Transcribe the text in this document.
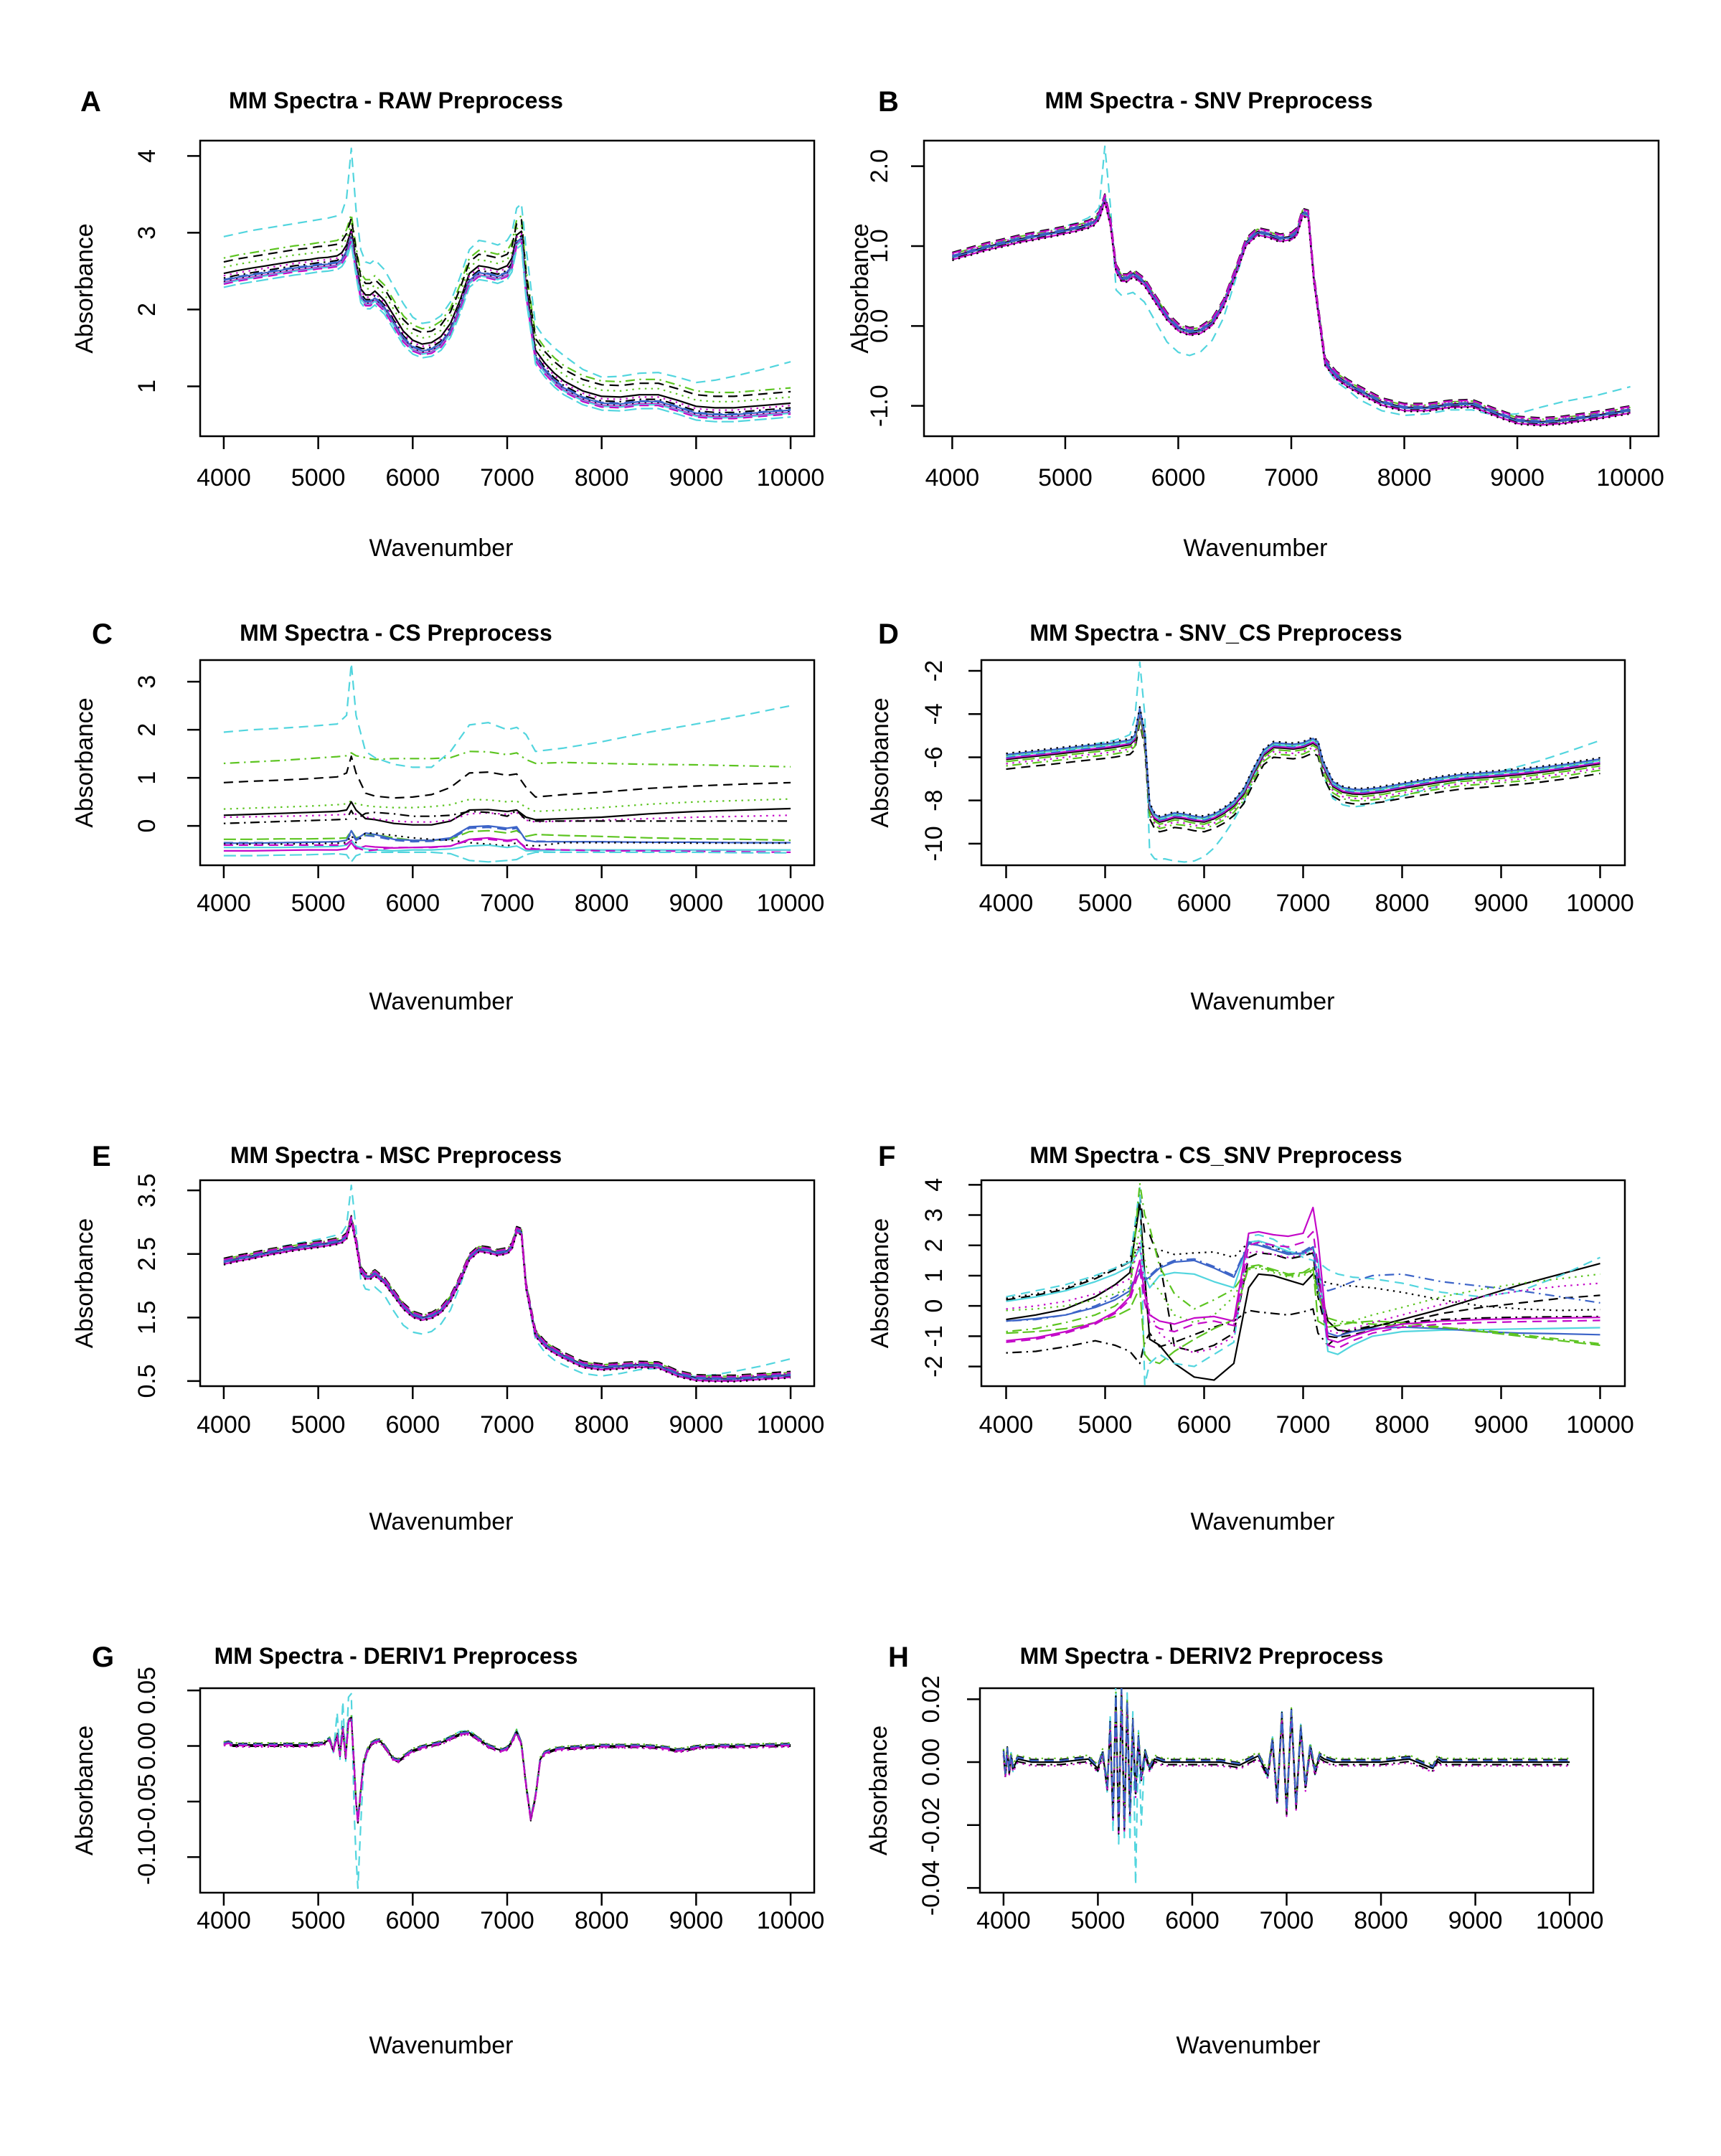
A	MM Spectra - RAW Preprocess
Wavenumber
Absorbance
4000 5000 6000 7000 8000 9000 10000
1
2
3
4
B	MM Spectra - SNV Preprocess
Wavenumber
Absorbance
4000 5000 6000 7000 8000 9000 10000
-1.0
0.0
1.0
2.0
C	MM Spectra - CS Preprocess
Wavenumber
Absorbance
4000 5000 6000 7000 8000 9000 10000
0
1
2
3
D	MM Spectra - SNV_CS Preprocess
Wavenumber
Absorbance
4000 5000 6000 7000 8000 9000 10000
-10
-8
-6
-4
-2
E	MM Spectra - MSC Preprocess
Wavenumber
Absorbance
4000 5000 6000 7000 8000 9000 10000
0.5
1.5
2.5
3.5
F	MM Spectra - CS_SNV Preprocess
Wavenumber
Absorbance
4000 5000 6000 7000 8000 9000 10000
-2
-1
0
1
2
3
4
G	MM Spectra - DERIV1 Preprocess
Wavenumber
Absorbance
4000 5000 6000 7000 8000 9000 10000
-0.10
-0.05
0.00
0.05
H	MM Spectra - DERIV2 Preprocess
Wavenumber
Absorbance
4000 5000 6000 7000 8000 9000 10000
-0.04
-0.02
0.00
0.02
